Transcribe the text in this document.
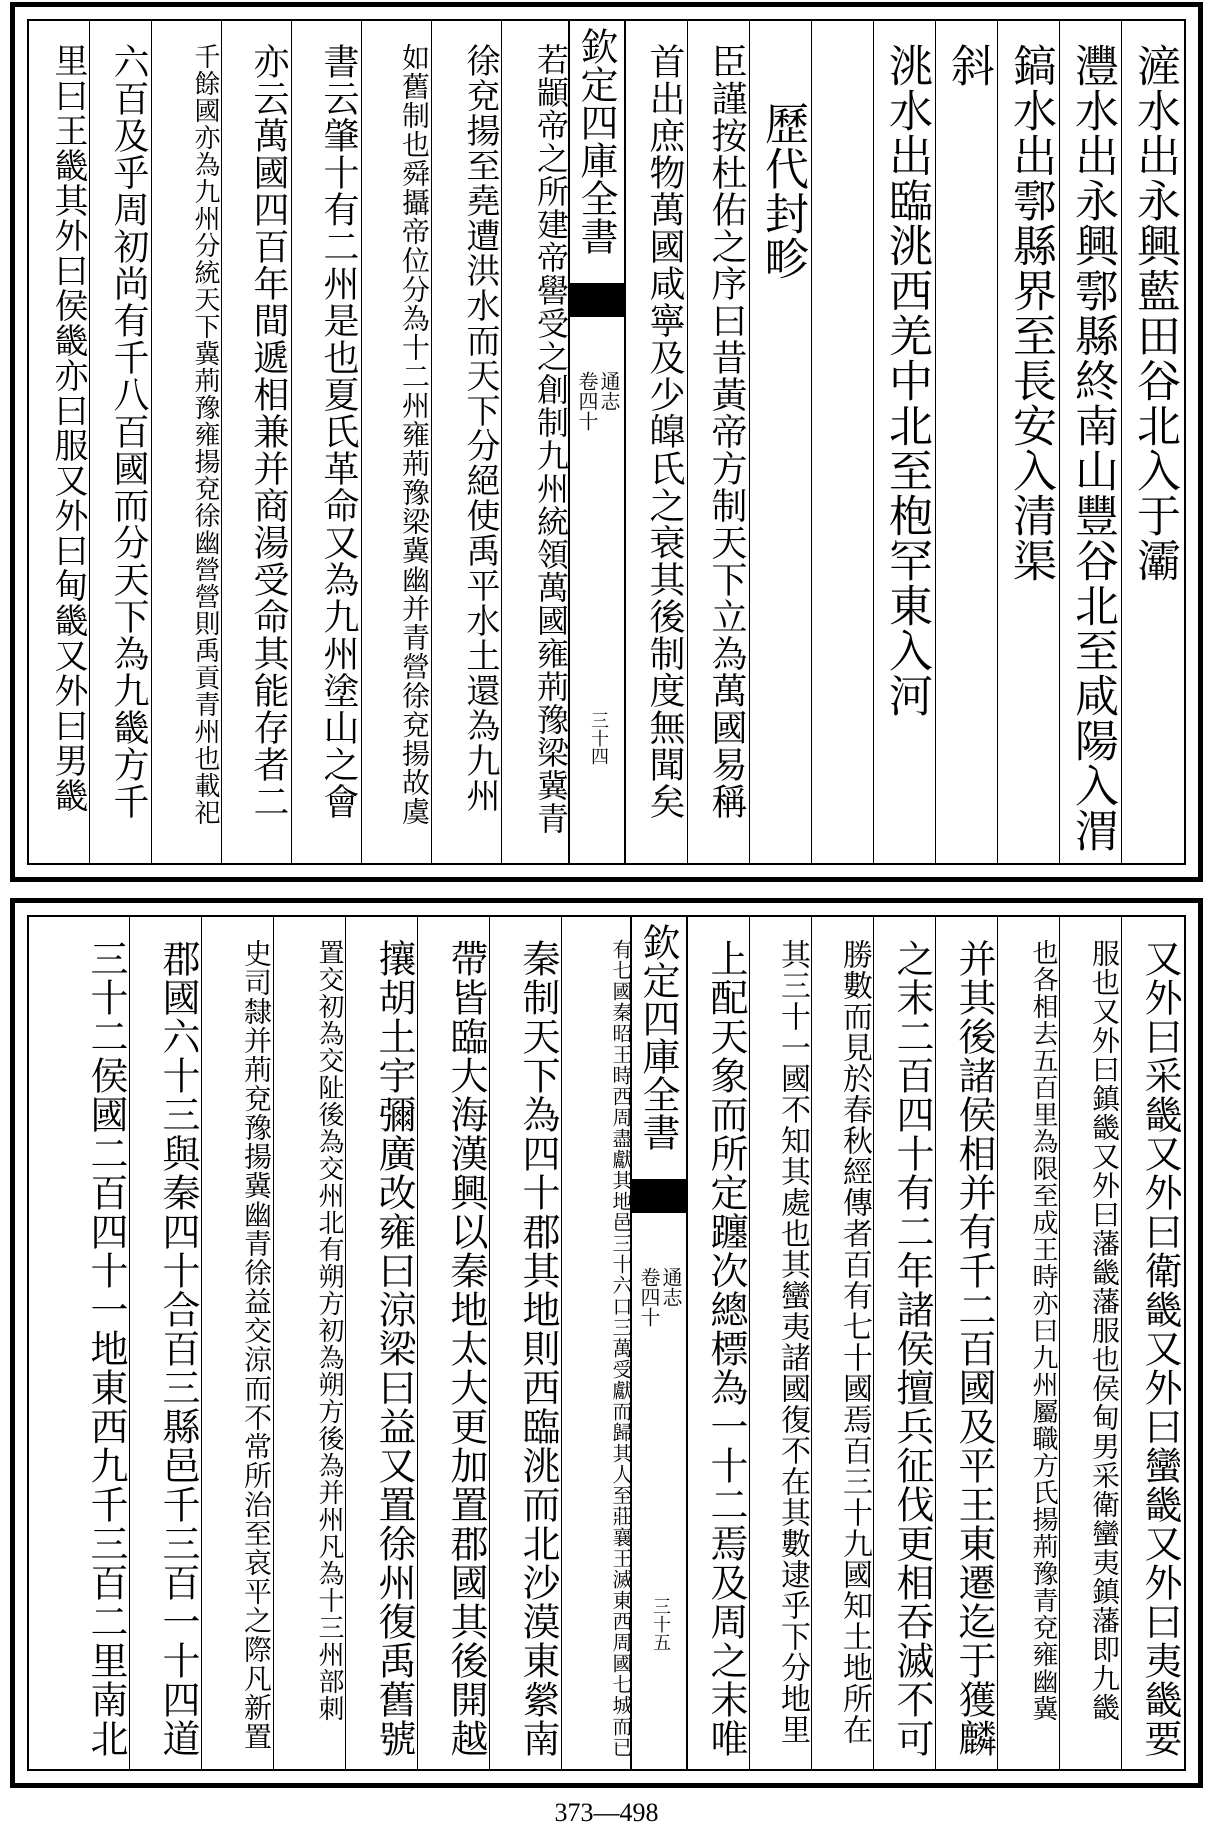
滻水出永興藍田谷北入于灞
灃水出永興鄠縣終南山豐谷北至咸陽入渭
鎬水出鄠縣界至長安入清渠
斜
洮水出臨洮西羌中北至枹罕東入河
歷代封畛
臣謹按杜佑之序曰昔黃帝方制天下立為萬國易稱
首出庶物萬國咸寧及少皥氏之衰其後制度無聞矣
欽定四庫全書
通志
卷四十
三十四
若顓帝之所建帝嚳受之創制九州統領萬國雍荊豫梁冀青
徐兗揚至堯遭洪水而天下分絕使禹平水土還為九州
如舊制也舜攝帝位分為十二州雍荊豫梁冀幽并青營徐兗揚故虞
書云肇十有二州是也夏氏革命又為九州塗山之會
亦云萬國四百年間遞相兼并商湯受命其能存者二
千餘國亦為九州分統天下冀荊豫雍揚兗徐幽營營則禹貢青州也載祀
六百及乎周初尚有千八百國而分天下為九畿方千
里曰王畿其外曰侯畿亦曰服又外曰甸畿又外曰男畿
又外曰采畿又外曰衛畿又外曰蠻畿又外曰夷畿要
服也又外曰鎮畿又外曰藩畿藩服也侯甸男采衛蠻夷鎮藩即九畿
也各相去五百里為限至成王時亦曰九州屬職方氏揚荊豫青兗雍幽冀
并其後諸侯相并有千二百國及平王東遷迄于獲麟
之末二百四十有二年諸侯擅兵征伐更相吞滅不可
勝數而見於春秋經傳者百有七十國焉百三十九國知土地所在
其三十一國不知其處也其蠻夷諸國復不在其數逮乎下分地里
上配天象而所定躔次總標為一十二焉及周之末唯
欽定四庫全書
通志
卷四十
三十五
有七國秦昭王時西周盡獻其地邑三十六口三萬受獻而歸其人至莊襄王滅東西周國七城而已
秦制天下為四十郡其地則西臨洮而北沙漠東縈南
帶皆臨大海漢興以秦地太大更加置郡國其後開越
攘胡土宇彌廣改雍曰涼梁曰益又置徐州復禹舊號
置交初為交阯後為交州北有朔方初為朔方後為并州凡為十三州部刺
史司隸并荊兗豫揚冀幽青徐益交涼而不常所治至哀平之際凡新置
郡國六十三與秦四十合百三縣邑千三百一十四道
三十二侯國二百四十一地東西九千三百二里南北
373—498
